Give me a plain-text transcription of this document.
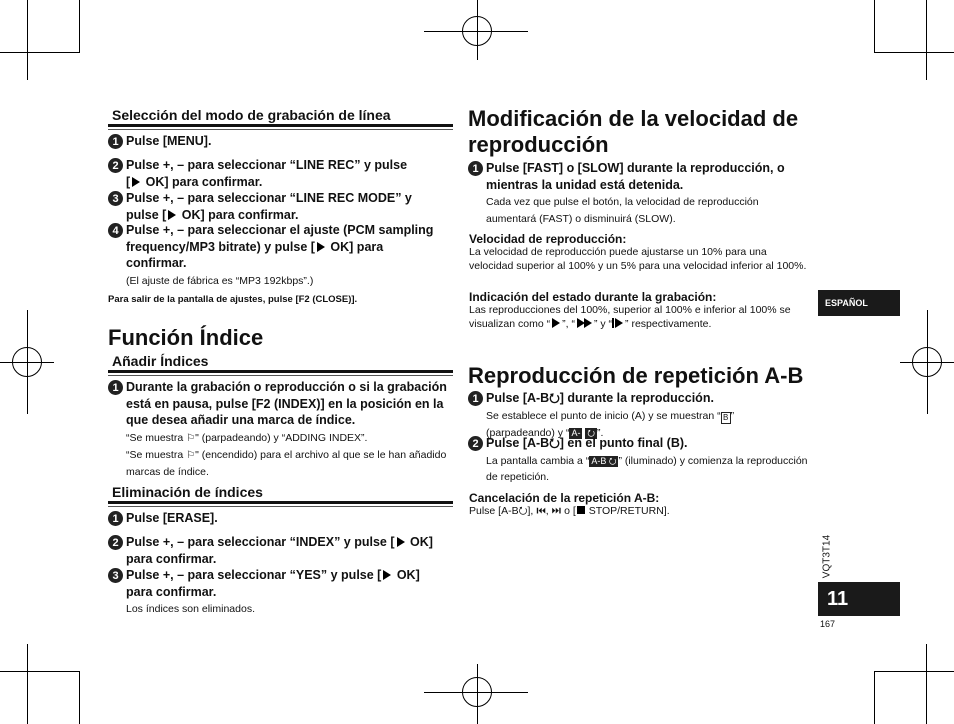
Selección del modo de grabación de línea
1 Pulse [MENU].
2 Pulse +, – para seleccionar “LINE REC” y pulse
[ OK] para confirmar.
3 Pulse +, – para seleccionar “LINE REC MODE” y
pulse [ OK] para confirmar.
4 Pulse +, – para seleccionar el ajuste (PCM sampling
frequency/MP3 bitrate) y pulse [ OK] para
confirmar.
(El ajuste de fábrica es “MP3 192kbps”.)
Para salir de la pantalla de ajustes, pulse [F2 (CLOSE)].
Función Índice
Añadir Índices
1 Durante la grabación o reproducción o si la grabación está en pausa, pulse [F2 (INDEX)] en la posición en la que desea añadir una marca de índice.
“Se muestra ⚐" (parpadeando) y “ADDING INDEX”.
“Se muestra ⚐" (encendido) para el archivo al que se le han añadido marcas de índice.
Eliminación de índices
1 Pulse [ERASE].
2 Pulse +, – para seleccionar “INDEX” y pulse [ OK]
para confirmar.
3 Pulse +, – para seleccionar “YES” y pulse [ OK]
para confirmar.
Los índices son eliminados.
Modificación de la velocidad de
reproducción
1 Pulse [FAST] o [SLOW] durante la reproducción, o mientras la unidad está detenida.
Cada vez que pulse el botón, la velocidad de reproducción aumentará (FAST) o disminuirá (SLOW).
Velocidad de reproducción:
La velocidad de reproducción puede ajustarse un 10% para una velocidad superior al 100% y un 5% para una velocidad inferior al 100%.
Indicación del estado durante la grabación:
Las reproducciones del 100%, superior al 100% e inferior al 100% se visualizan como “ ”, “ ” y “ ” respectivamente.
Reproducción de repetición A-B
1 Pulse [A-B⭮] durante la reproducción.
Se establece el punto de inicio (A) y se muestran “ B ”
(parpadeando) y “ A- ⭮ ”.
2 Pulse [A-B⭮] en el punto final (B).
La pantalla cambia a “ A-B ⭮ ” (iluminado) y comienza la reproducción de repetición.
Cancelación de la repetición A-B:
Pulse [A-B⭮], ⏮, ⏭ o [ STOP/RETURN].
ESPAÑOL
VQT3T14
11
167
